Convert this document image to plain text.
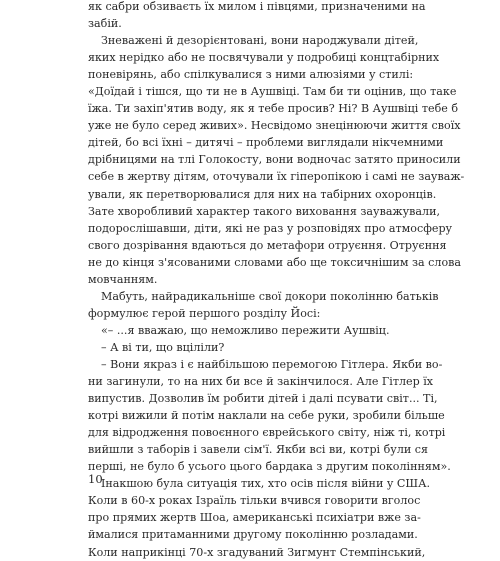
як сабри обзиваєть їх милом і півцями, призначеними на
забій.
Зневажені й дезорієнтовані, вони народжували дітей,
яких нерідко або не посвячували у подробиці концтабірних
поневірянь, або спілкувалися з ними алюзіями у стилі:
«Доїдай і тішся, що ти не в Аушвіці. Там би ти оцінив, що таке
їжа. Ти захіп'ятив воду, як я тебе просив? Ні? В Аушвіці тебе б
уже не було серед живих». Несвідомо знецінюючи життя своїх
дітей, бо всі їхні – дитячі – проблеми виглядали нікчемними
дрібницями на тлі Голокосту, вони водночас затято приносили
себе в жертву дітям, оточували їх гіперопікою і самі не зауваж-
ували, як перетворювалися для них на табірних охоронців.
Зате хворобливий характер такого виховання зауважували,
подорослішавши, діти, які не раз у розповідях про атмосферу
свого дозрівання вдаються до метафори отруєння. Отруєння
не до кінця з'ясованими словами або ще токсичнішим за слова
мовчанням.
Мабуть, найрадикальніше свої докори поколінню батьків
формулює герой першого розділу Йосі:
«– ...я вважаю, що неможливо пережити Аушвіц.
– А ві ти, що вціліли?
– Вони якраз і є найбільшою перемогою Гітлера. Якби во-
ни загинули, то на них би все й закінчилося. Але Гітлер їх
випустив. Дозволив їм робити дітей і далі псувати світ... Ті,
котрі вижили й потім наклали на себе руки, зробили більше
для відродження повоєнного єврейського світу, ніж ті, котрі
вийшли з таборів і завели сім'ї. Якби всі ви, котрі були ся
перші, не було б усього цього бардака з другим поколінням».
Інакшою була ситуація тих, хто осів після війни у США.
Коли в 60-х роках Ізраїль тільки вчився говорити вголос
про прямих жертв Шоа, американські психіатри вже за-
ймалися притаманними другому поколінню розладами.
Коли наприкінці 70-х згадуваний Зигмунт Стемпінський,
10
